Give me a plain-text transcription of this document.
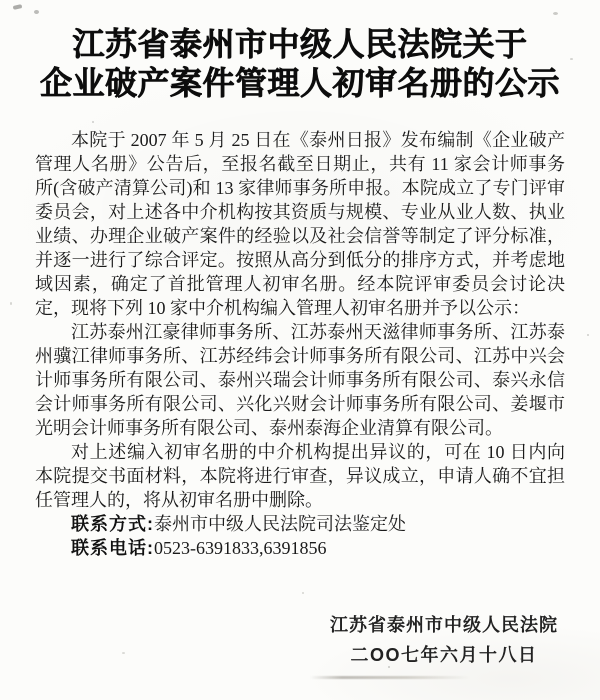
江苏省泰州市中级人民法院关于
企业破产案件管理人初审名册的公示

本院于 2007 年 5 月 25 日在《泰州日报》发布编制《企业破产管理人名册》公告后，至报名截至日期止，共有 11 家会计师事务所(含破产清算公司)和 13 家律师事务所申报。本院成立了专门评审委员会，对上述各中介机构按其资质与规模、专业从业人数、执业业绩、办理企业破产案件的经验以及社会信誉等制定了评分标准，并逐一进行了综合评定。按照从高分到低分的排序方式，并考虑地域因素，确定了首批管理人初审名册。经本院评审委员会讨论决定，现将下列 10 家中介机构编入管理人初审名册并予以公示：

江苏泰州江豪律师事务所、江苏泰州天滋律师事务所、江苏泰州骥江律师事务所、江苏经纬会计师事务所有限公司、江苏中兴会计师事务所有限公司、泰州兴瑞会计师事务所有限公司、泰兴永信会计师事务所有限公司、兴化兴财会计师事务所有限公司、姜堰市光明会计师事务所有限公司、泰州泰海企业清算有限公司。

对上述编入初审名册的中介机构提出异议的，可在 10 日内向本院提交书面材料，本院将进行审查，异议成立，申请人确不宜担任管理人的，将从初审名册中删除。

联系方式:泰州市中级人民法院司法鉴定处

联系电话:0523-6391833,6391856

江苏省泰州市中级人民法院
二OO七年六月十八日
